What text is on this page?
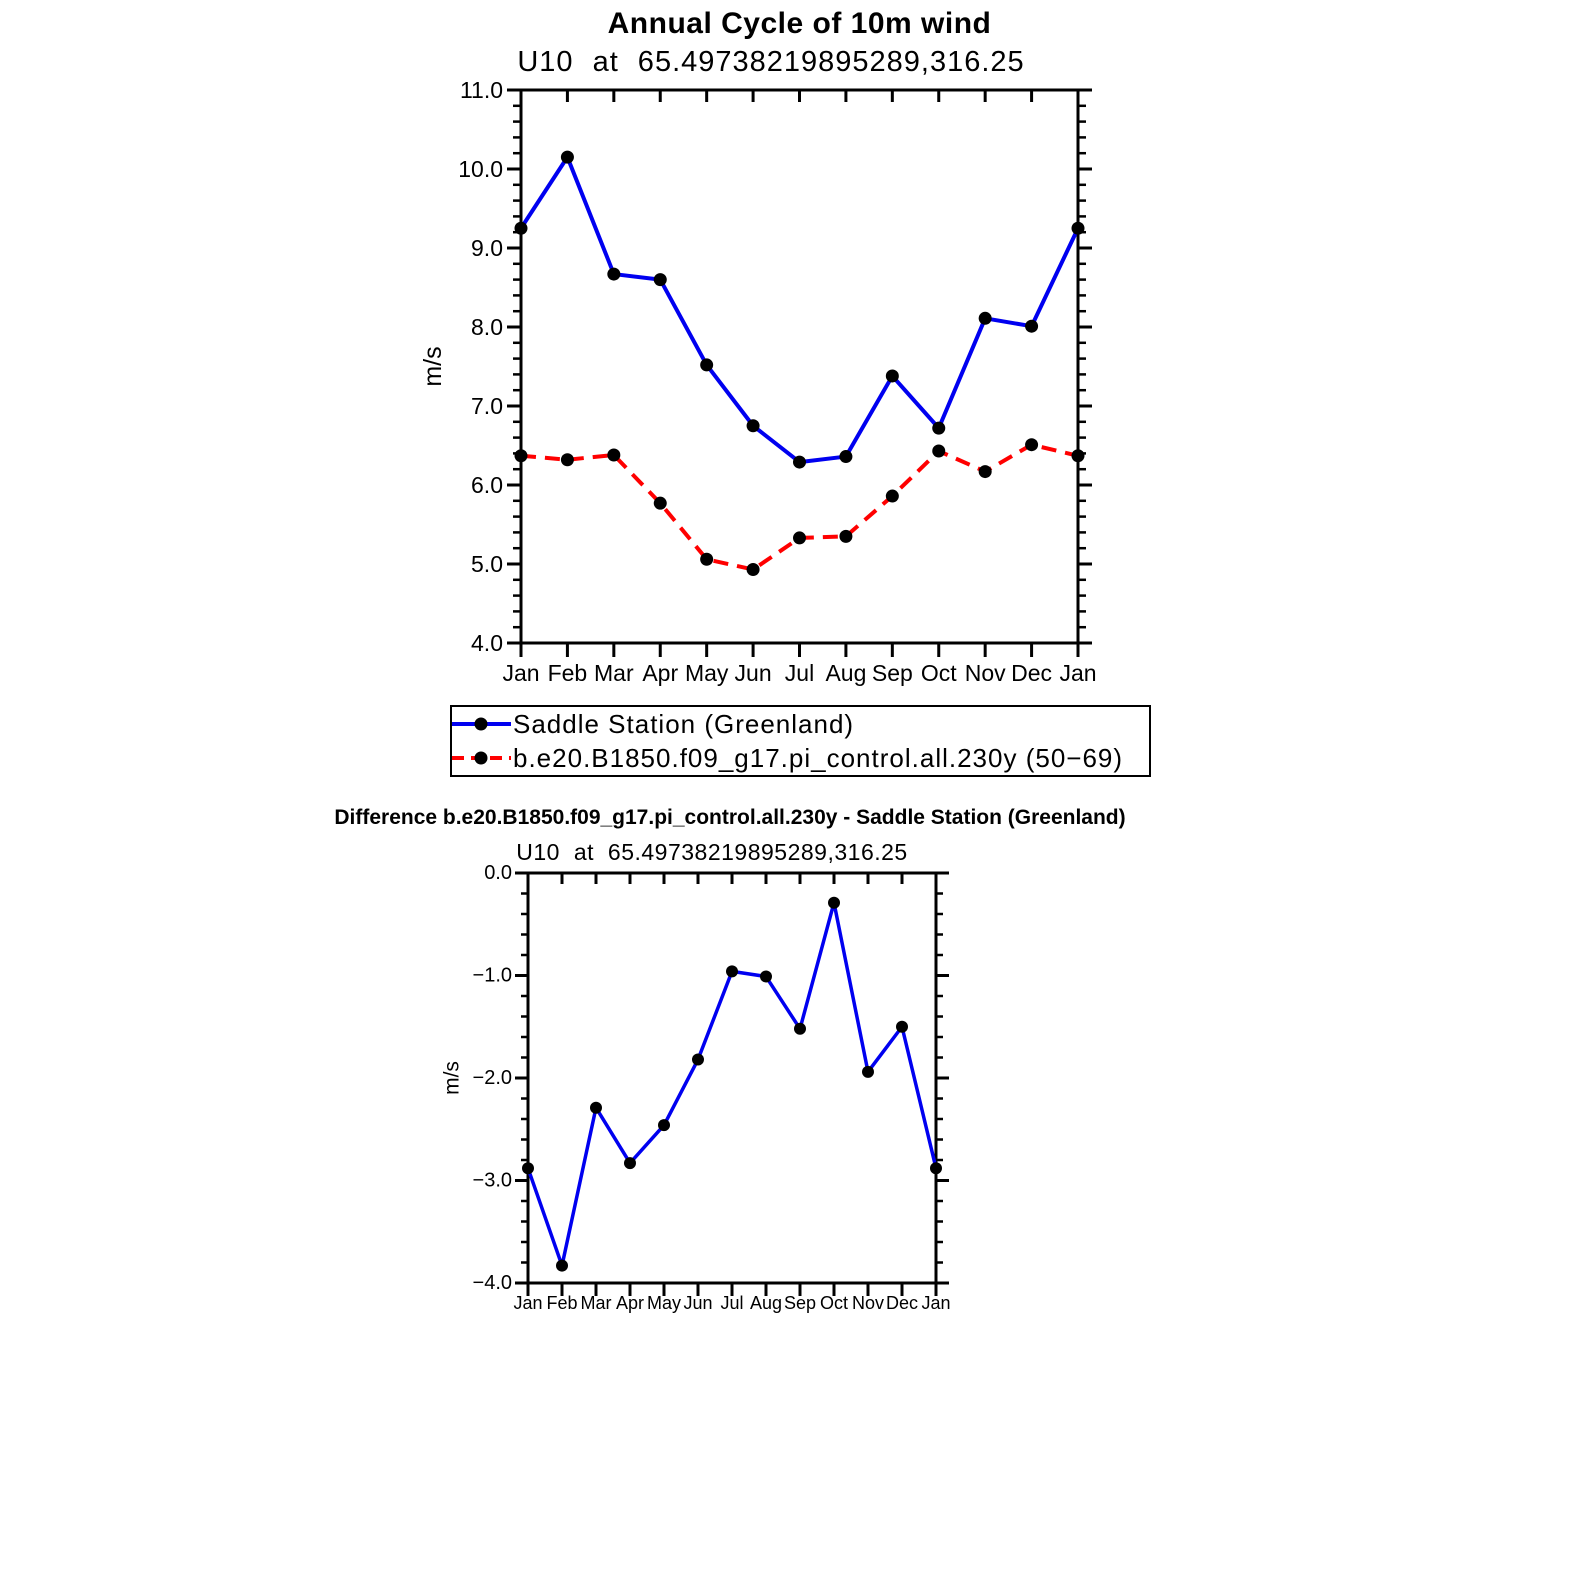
Annual Cycle of 10m wind
U10 at 65.49738219895289,316.25
4.0
5.0
6.0
7.0
8.0
9.0
10.0
11.0
Jan Feb Mar Apr May Jun Jul Aug Sep Oct Nov Dec Jan
m/s
−4.0
−3.0
−2.0
−1.0
0.0
Jan Feb Mar Apr May Jun Jul Aug Sep Oct Nov Dec Jan
m/s
Saddle Station (Greenland)
b.e20.B1850.f09_g17.pi_control.all.230y (50−69)
Difference b.e20.B1850.f09_g17.pi_control.all.230y - Saddle Station (Greenland)
U10 at 65.49738219895289,316.25
